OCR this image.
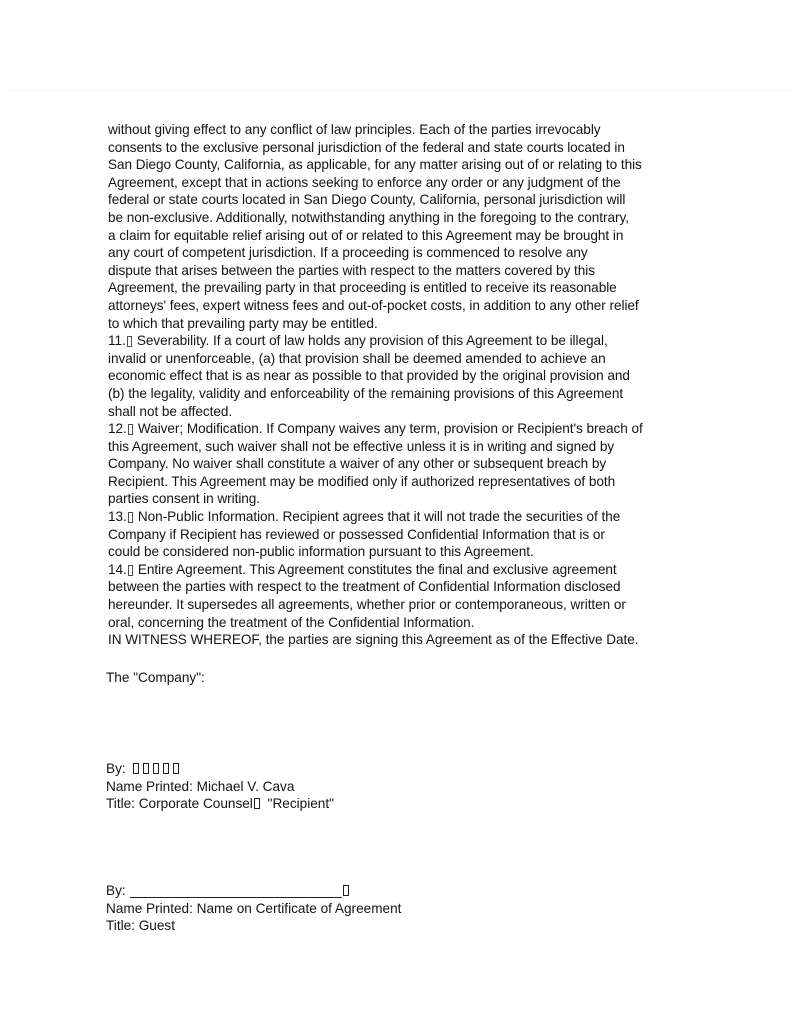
without giving effect to any conflict of law principles. Each of the parties irrevocably
consents to the exclusive personal jurisdiction of the federal and state courts located in
San Diego County, California, as applicable, for any matter arising out of or relating to this
Agreement, except that in actions seeking to enforce any order or any judgment of the
federal or state courts located in San Diego County, California, personal jurisdiction will
be non-exclusive. Additionally, notwithstanding anything in the foregoing to the contrary,
a claim for equitable relief arising out of or related to this Agreement may be brought in
any court of competent jurisdiction. If a proceeding is commenced to resolve any
dispute that arises between the parties with respect to the matters covered by this
Agreement, the prevailing party in that proceeding is entitled to receive its reasonable
attorneys' fees, expert witness fees and out-of-pocket costs, in addition to any other relief
to which that prevailing party may be entitled.

11.▯ Severability. If a court of law holds any provision of this Agreement to be illegal,
invalid or unenforceable, (a) that provision shall be deemed amended to achieve an
economic effect that is as near as possible to that provided by the original provision and
(b) the legality, validity and enforceability of the remaining provisions of this Agreement
shall not be affected.

12.▯ Waiver; Modification. If Company waives any term, provision or Recipient's breach of
this Agreement, such waiver shall not be effective unless it is in writing and signed by
Company. No waiver shall constitute a waiver of any other or subsequent breach by
Recipient. This Agreement may be modified only if authorized representatives of both
parties consent in writing.

13.▯ Non-Public Information. Recipient agrees that it will not trade the securities of the
Company if Recipient has reviewed or possessed Confidential Information that is or
could be considered non-public information pursuant to this Agreement.

14.▯ Entire Agreement. This Agreement constitutes the final and exclusive agreement
between the parties with respect to the treatment of Confidential Information disclosed
hereunder. It supersedes all agreements, whether prior or contemporaneous, written or
oral, concerning the treatment of the Confidential Information.

IN WITNESS WHEREOF, the parties are signing this Agreement as of the Effective Date.

The "Company":
By:
Name Printed: Michael V. Cava
Title: Corporate Counsel "Recipient"
By:
Name Printed: Name on Certificate of Agreement
Title: Guest
